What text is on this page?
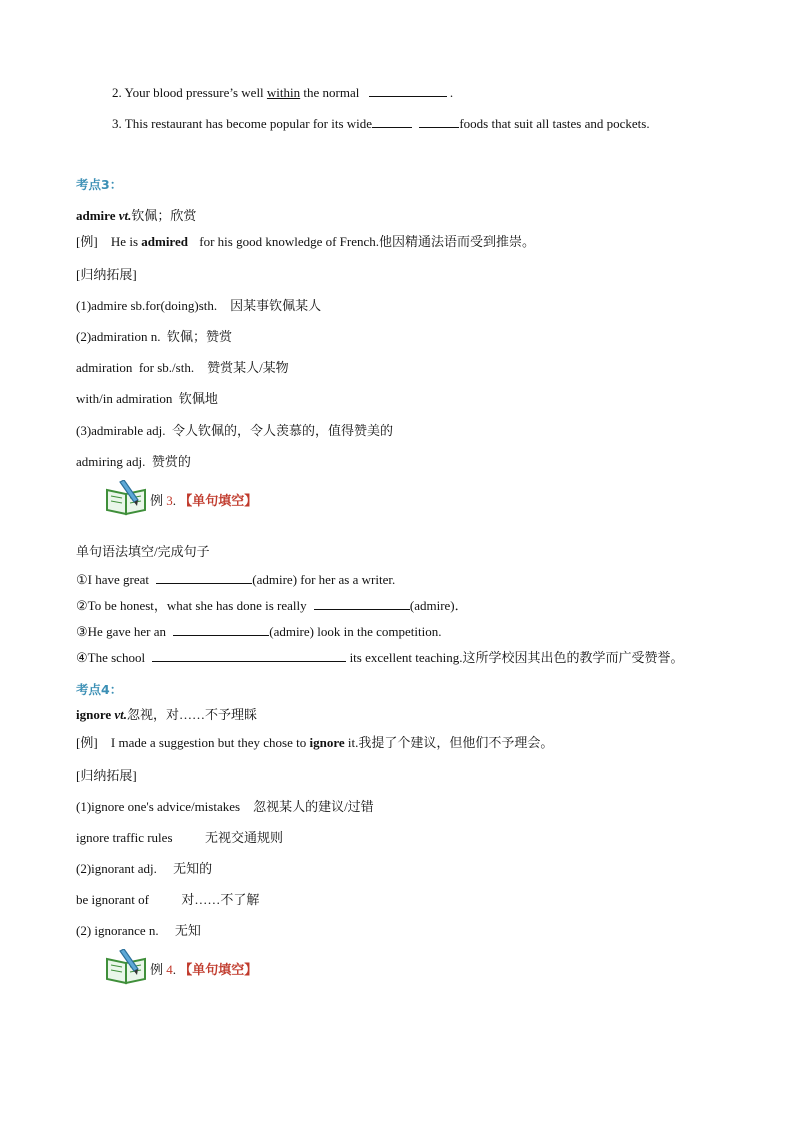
2. Your blood pressure’s well within the normal	.
3. This restaurant has become popular for its wide	foods that suit all tastes and pockets.
考点3：
admire vt.钦佩；欣赏
[例] He is admired for his good knowledge of French.他因精通法语而受到推崇。
[归纳拓展]
(1)admire sb.for(doing)sth.    因某事钦佩某人
(2)admiration n.  钦佩；赞赏
admiration  for sb./sth.    赞赏某人/某物
with/in admiration  钦佩地
(3)admirable adj.  令人钦佩的，令人羡慕的，值得赞美的
admiring adj.  赞赏的
例 3. 【单句填空】
单句语法填空/完成句子
①I have great	(admire) for her as a writer.
②To be honest，what she has done is really	(admire)．
③He gave her an	(admire) look in the competition.
④The school	its excellent teaching.这所学校因其出色的教学而广受赞誉。
考点4：
ignore vt.忽视，对……不予理睬
[例] I made a suggestion but they chose to ignore it.我提了个建议，但他们不予理会。
[归纳拓展]
(1)ignore one's advice/mistakes    忽视某人的建议/过错
ignore traffic rules          无视交通规则
(2)ignorant adj.     无知的
be ignorant of          对……不了解
(2) ignorance n.     无知
例 4. 【单句填空】
